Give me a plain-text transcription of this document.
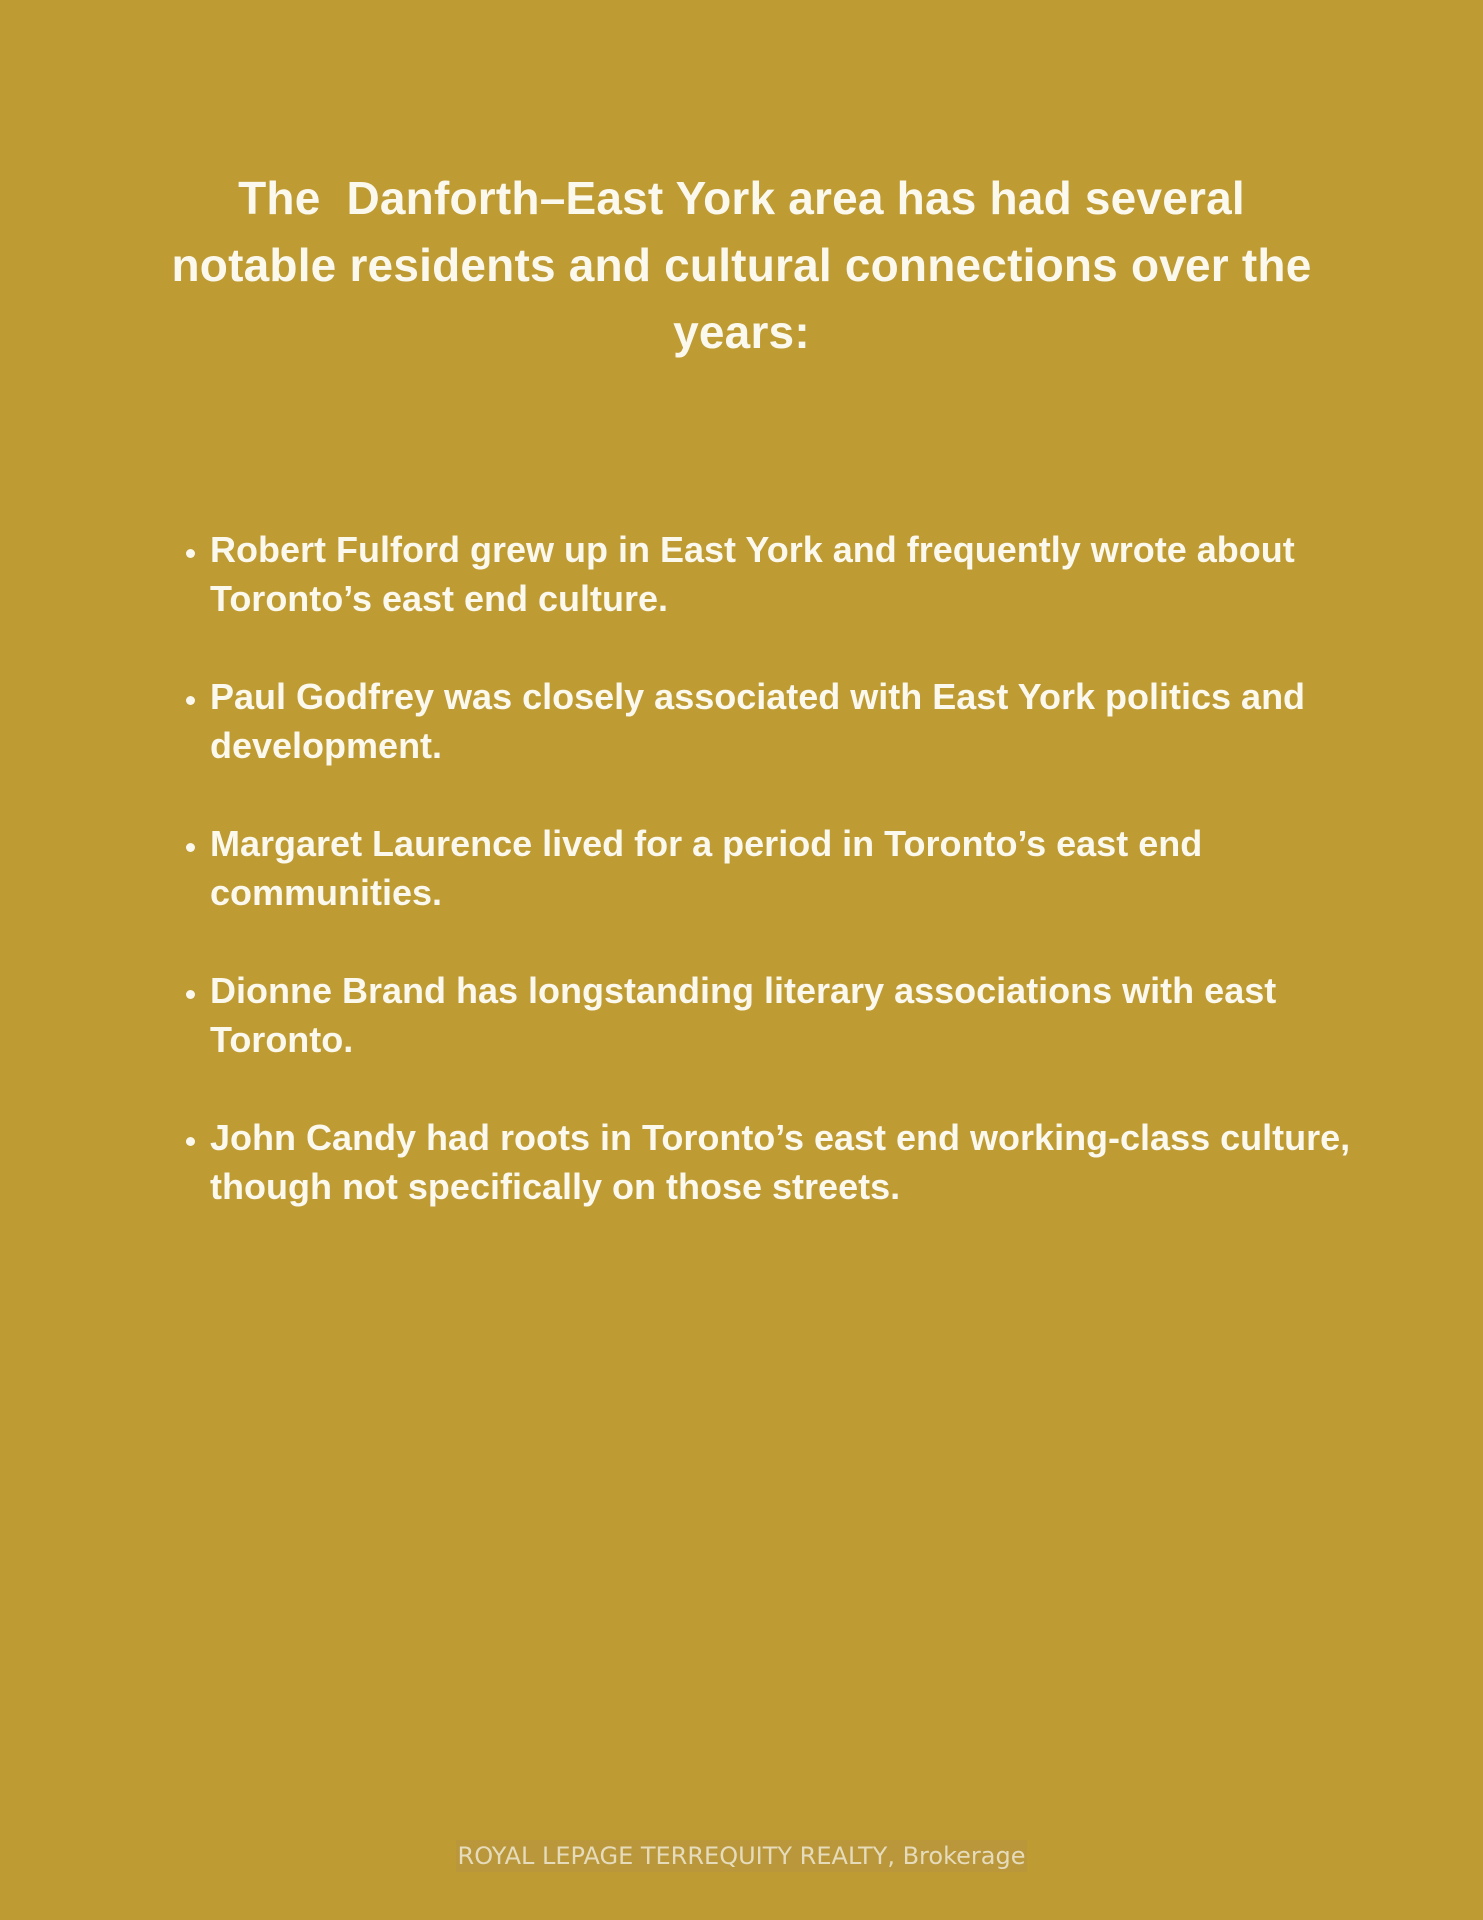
The  Danforth–East York area has had several notable residents and cultural connections over the years:
• Robert Fulford grew up in East York and frequently wrote about Toronto’s east end culture.
• Paul Godfrey was closely associated with East York politics and development.
• Margaret Laurence lived for a period in Toronto’s east end communities.
• Dionne Brand has longstanding literary associations with east Toronto.
• John Candy had roots in Toronto’s east end working-class culture, though not specifically on those streets.
ROYAL LEPAGE TERREQUITY REALTY, Brokerage
